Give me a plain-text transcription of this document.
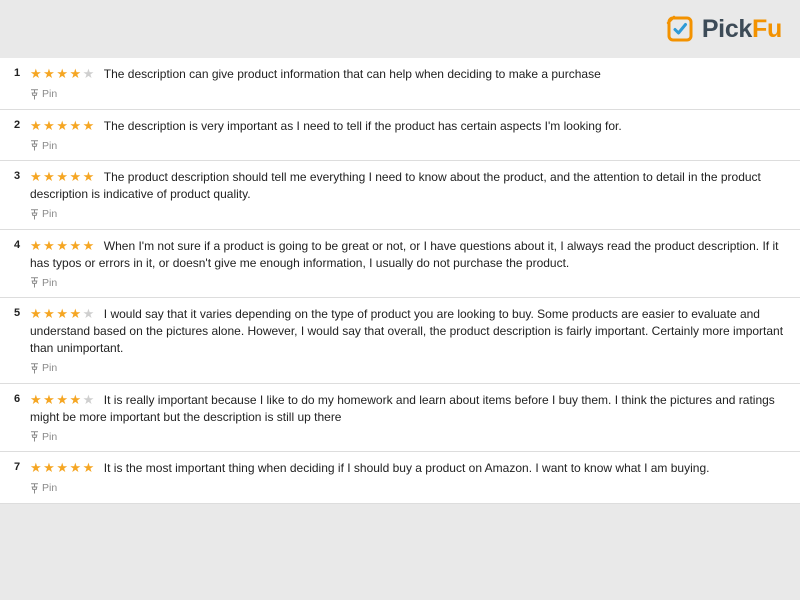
PickFu
1 ★★★★★ The description can give product information that can help when deciding to make a purchase
Pin
2 ★★★★★ The description is very important as I need to tell if the product has certain aspects I'm looking for.
Pin
3 ★★★★★ The product description should tell me everything I need to know about the product, and the attention to detail in the product description is indicative of product quality.
Pin
4 ★★★★★ When I'm not sure if a product is going to be great or not, or I have questions about it, I always read the product description. If it has typos or errors in it, or doesn't give me enough information, I usually do not purchase the product.
Pin
5 ★★★★★ I would say that it varies depending on the type of product you are looking to buy. Some products are easier to evaluate and understand based on the pictures alone. However, I would say that overall, the product description is fairly important. Certainly more important than unimportant.
Pin
6 ★★★★★ It is really important because I like to do my homework and learn about items before I buy them. I think the pictures and ratings might be more important but the description is still up there
Pin
7 ★★★★★ It is the most important thing when deciding if I should buy a product on Amazon. I want to know what I am buying.
Pin
